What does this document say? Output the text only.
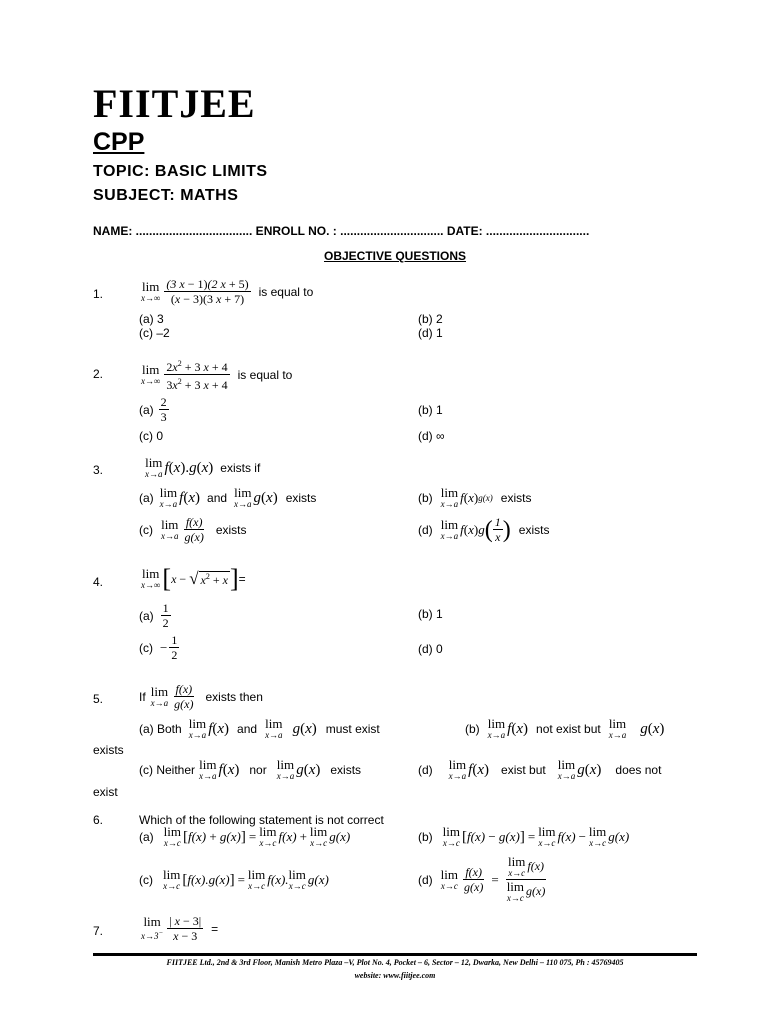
FIITJEE
CPP
TOPIC: BASIC LIMITS
SUBJECT: MATHS
NAME: ................................... ENROLL NO. : ............................... DATE: ...............................
OBJECTIVE QUESTIONS
1.
lim
$x\to\infty \frac{(3 x - 1)(2 x + 5)}{(x - 3)(3 x + 7)}$ is equal to
(a) 3	(b) 2
(c) –2	(d) 1
2.	lim
$x\to\infty \frac{2x^2 + 3 x + 4}{3x^2 + 3 x + 4}$ is equal to
$(a) \frac{2}{3}$	(b) 1
(c) 0	(d) ∞
3.	lim
x→a f ( x ) . g ( x ) exists if
(a) lim
x→a f ( x ) and lim
x→a g ( x ) exists	(b) lim
x→a f ( x ) g(x) exists
(c) lim
$x\to a \frac{f(x)}{g(x)}$ exists	(d) lim
x→a f ( x ) g ( $\frac{1}{x}$ ) exists
4.
lim
x→∞ [ x − √ $x^2 + x$ ] =
$(a) \frac{1}{2}$	(b) 1
$(c) - \frac{1}{2}$	(d) 0
5.	If lim
$x\to a \frac{f(x)}{g(x)}$ exists then
(a) Both lim
x→a f ( x ) and lim
x→a g ( x ) must exist	(b) lim
x→a f ( x ) not exist but lim
x→a g ( x )
exists
(c) Neither lim
x→a f ( x ) nor lim
x→a g ( x ) exists	(d) lim
x→a f ( x ) exist but lim
x→a g ( x ) does not
exist
6.	Which of the following statement is not correct
(a) lim
x→c [ f(x) + g(x) ] = lim
x→c f(x) + lim
x→c g(x)	(b) lim
x→c [ f(x) − g(x) ] = lim
x→c f(x) − lim
x→c g(x)
(c) lim
x→c [ f(x).g(x) ] = lim
x→c f(x). lim
x→c g(x)	(d) lim
$x\to c \frac{f(x)}{g(x)} = \lim$
x→c f(x)
lim
x→c g(x)
7.
lim
$x\to 3^- \frac{| x - 3|}{x - 3}$ =
FIITJEE Ltd., 2nd & 3rd Floor, Manish Metro Plaza –V, Plot No. 4, Pocket – 6, Sector – 12, Dwarka, New Delhi – 110 075, Ph : 45769405
website: www.fiitjee.com
